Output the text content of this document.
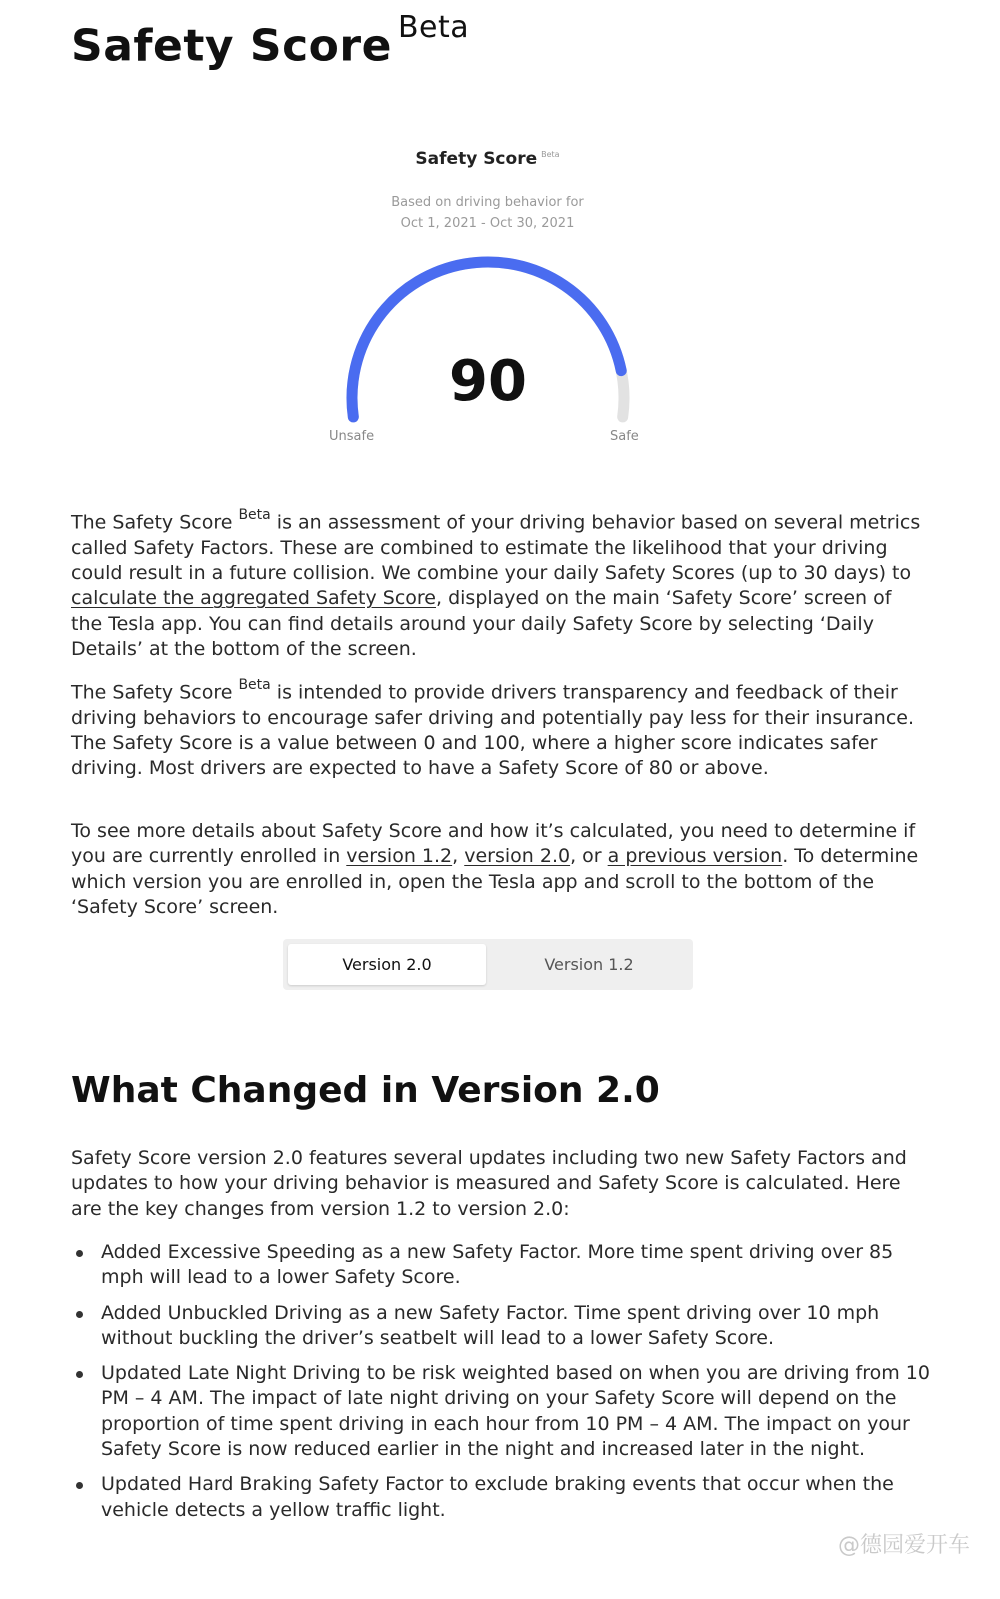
Safety Score $^{Beta}$
Safety Score $^{Beta}$
Based on driving behavior for
Oct 1, 2021 - Oct 30, 2021
90
Unsafe	Safe

The Safety Score $^{Beta}$ is an assessment of your driving behavior based on several metrics called Safety Factors. These are combined to estimate the likelihood that your driving could result in a future collision. We combine your daily Safety Scores (up to 30 days) to calculate the aggregated Safety Score, displayed on the main ‘Safety Score’ screen of the Tesla app. You can find details around your daily Safety Score by selecting ‘Daily Details’ at the bottom of the screen.

The Safety Score $^{Beta}$ is intended to provide drivers transparency and feedback of their driving behaviors to encourage safer driving and potentially pay less for their insurance. The Safety Score is a value between 0 and 100, where a higher score indicates safer driving. Most drivers are expected to have a Safety Score of 80 or above.

To see more details about Safety Score and how it’s calculated, you need to determine if you are currently enrolled in version 1.2, version 2.0, or a previous version. To determine which version you are enrolled in, open the Tesla app and scroll to the bottom of the ‘Safety Score’ screen.

Version 2.0	Version 1.2
What Changed in Version 2.0

Safety Score version 2.0 features several updates including two new Safety Factors and updates to how your driving behavior is measured and Safety Score is calculated. Here are the key changes from version 1.2 to version 2.0:

Added Excessive Speeding as a new Safety Factor. More time spent driving over 85 mph will lead to a lower Safety Score.
Added Unbuckled Driving as a new Safety Factor. Time spent driving over 10 mph without buckling the driver’s seatbelt will lead to a lower Safety Score.
Updated Late Night Driving to be risk weighted based on when you are driving from 10 PM – 4 AM. The impact of late night driving on your Safety Score will depend on the proportion of time spent driving in each hour from 10 PM – 4 AM. The impact on your Safety Score is now reduced earlier in the night and increased later in the night.
Updated Hard Braking Safety Factor to exclude braking events that occur when the vehicle detects a yellow traffic light.
@德园爱开车
